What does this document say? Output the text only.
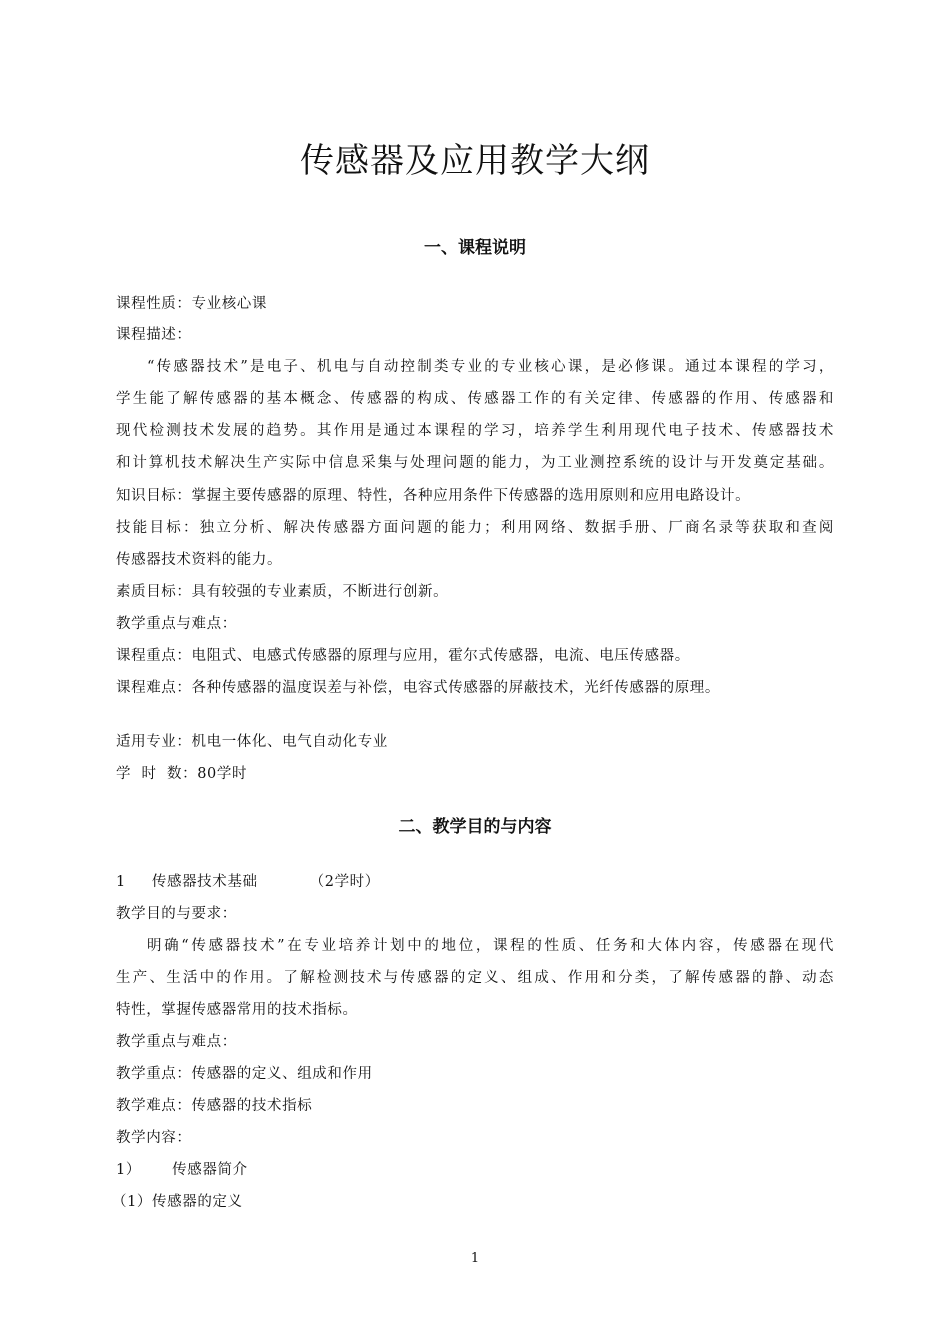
传感器及应用教学大纲
一、课程说明
课程性质：专业核心课
课程描述：
“传感器技术”是电子、机电与自动控制类专业的专业核心课，是必修课。通过本课程的学习，
学生能了解传感器的基本概念、传感器的构成、传感器工作的有关定律、传感器的作用、传感器和
现代检测技术发展的趋势。其作用是通过本课程的学习，培养学生利用现代电子技术、传感器技术
和计算机技术解决生产实际中信息采集与处理问题的能力，为工业测控系统的设计与开发奠定基础。
知识目标：掌握主要传感器的原理、特性，各种应用条件下传感器的选用原则和应用电路设计。
技能目标：独立分析、解决传感器方面问题的能力；利用网络、数据手册、厂商名录等获取和查阅
传感器技术资料的能力。
素质目标：具有较强的专业素质，不断进行创新。
教学重点与难点：
课程重点：电阻式、电感式传感器的原理与应用，霍尔式传感器，电流、电压传感器。
课程难点：各种传感器的温度误差与补偿，电容式传感器的屏蔽技术，光纤传感器的原理。
适用专业：机电一体化、电气自动化专业
学  时  数：80学时
二、教学目的与内容
1     传感器技术基础          （2学时）
教学目的与要求：
明确“传感器技术”在专业培养计划中的地位，课程的性质、任务和大体内容，传感器在现代
生产、生活中的作用。了解检测技术与传感器的定义、组成、作用和分类，了解传感器的静、动态
特性，掌握传感器常用的技术指标。
教学重点与难点：
教学重点：传感器的定义、组成和作用
教学难点：传感器的技术指标
教学内容：
1）      传感器简介
（1）传感器的定义
1
